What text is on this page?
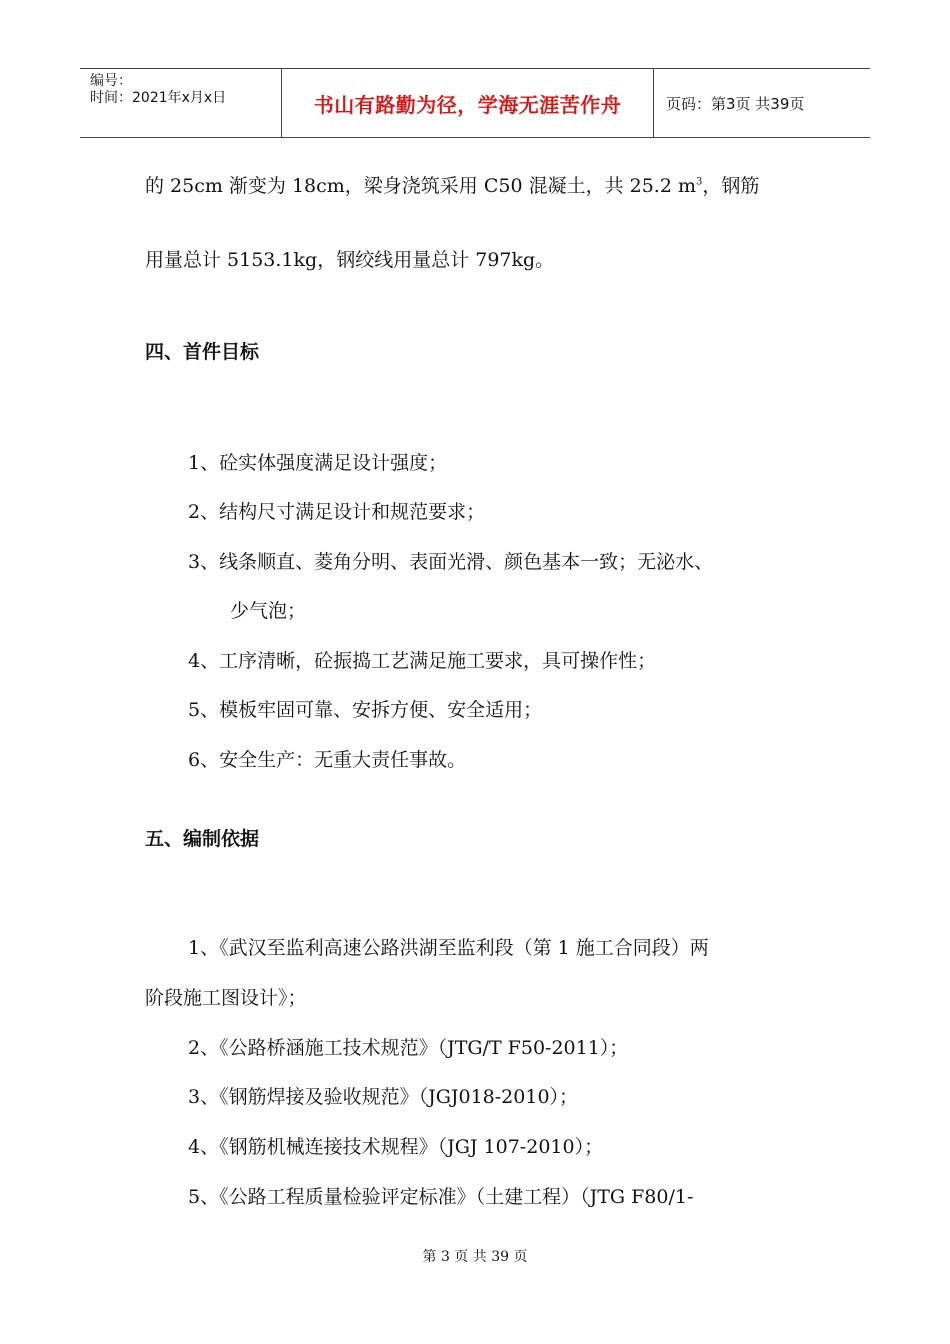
编号：
时间：2021年x月x日	书山有路勤为径，学海无涯苦作舟	页码：第3页 共39页
的 25cm 渐变为 18cm，梁身浇筑采用 C50 混凝土，共 25.2 $m^3$，钢筋
用量总计 5153.1kg，钢绞线用量总计 797kg。
四、首件目标
1、砼实体强度满足设计强度；
2、结构尺寸满足设计和规范要求；
3、线条顺直、菱角分明、表面光滑、颜色基本一致；无泌水、
少气泡；
4、工序清晰，砼振捣工艺满足施工要求，具可操作性；
5、模板牢固可靠、安拆方便、安全适用；
6、安全生产：无重大责任事故。
五、编制依据
1、《武汉至监利高速公路洪湖至监利段（第 1 施工合同段）两
阶段施工图设计》；
2、《公路桥涵施工技术规范》（JTG/T F50-2011）；
3、《钢筋焊接及验收规范》（JGJ018-2010）；
4、《钢筋机械连接技术规程》（JGJ 107-2010）；
5、《公路工程质量检验评定标准》（土建工程）（JTG F80/1-
第 3 页 共 39 页
